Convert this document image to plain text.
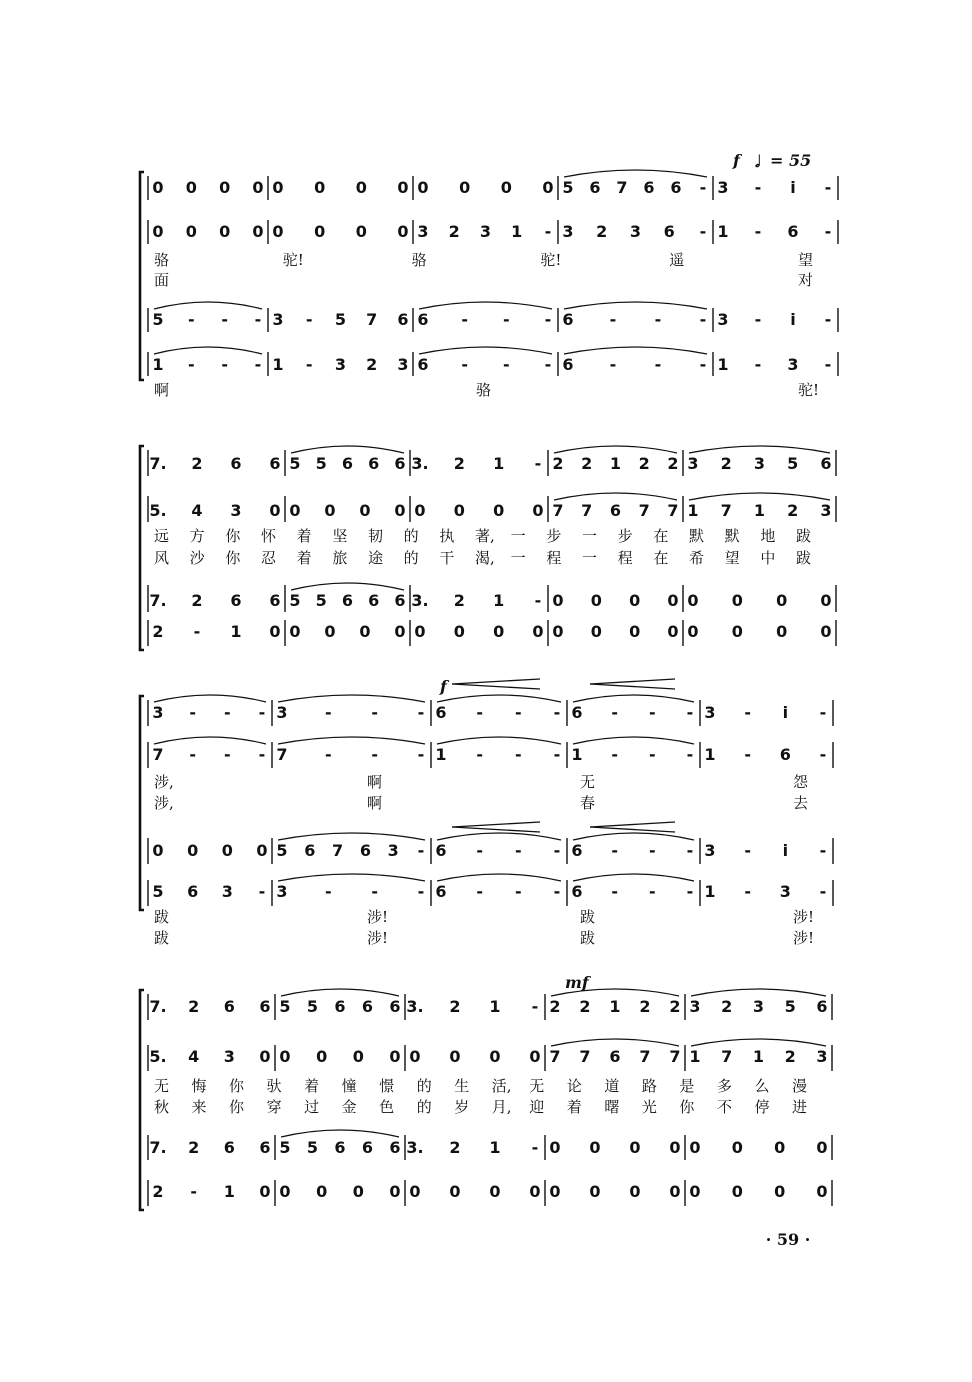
0 0 0 0 0 0 0 0 0 0 0 0 5 6 7 6 6 - 3 - i -
0 0 0 0 0 0 0 0 3 2 3 1 - 3 2 3 6 - 1 - 6 -
骆	驼!	骆	驼!	遥	望
面	对
5 - - - 3 - 5 7 6 6 - - - 6 - - - 3 - i -
1 - - - 1 - 3 2 3 6 - - - 6 - - - 1 - 3 -
啊	骆	驼!
7. 2 6 6 5 5 6 6 6 3. 2 1 - 2 2 1 2 2 3 2 3 5 6
5. 4 3 0 0 0 0 0 0 0 0 0 7 7 6 7 7 1 7 1 2 3
远 方 你 怀 着 坚 韧 的 执 著, 一 步 一 步 在 默 默 地 跋
风 沙 你 忍 着 旅 途 的 干 渴, 一 程 一 程 在 希 望 中 跋
7. 2 6 6 5 5 6 6 6 3. 2 1 - 0 0 0 0 0 0 0 0
2 - 1 0 0 0 0 0 0 0 0 0 0 0 0 0 0 0 0 0
3 - - - 3 - - - 6 - - - 6 - - - 3 - i -
7 - - - 7 - - - 1 - - - 1 - - - 1 - 6 -
涉,	啊	无	怨
涉,	啊	春	去
0 0 0 0 5 6 7 6 3 - 6 - - - 6 - - - 3 - i -
5 6 3 - 3 - - - 6 - - - 6 - - - 1 - 3 -
跋	涉!	跋	涉!
跋	涉!	跋	涉!
f
7. 2 6 6 5 5 6 6 6 3. 2 1 - 2 2 1 2 2 3 2 3 5 6
5. 4 3 0 0 0 0 0 0 0 0 0 7 7 6 7 7 1 7 1 2 3
无 悔 你 驮 着 憧 憬 的 生 活, 无 论 道 路 是 多 么 漫
秋 来 你 穿 过 金 色 的 岁 月, 迎 着 曙 光 你 不 停 进
7. 2 6 6 5 5 6 6 6 3. 2 1 - 0 0 0 0 0 0 0 0
2 - 1 0 0 0 0 0 0 0 0 0 0 0 0 0 0 0 0 0
mf
f 𝅗𝅥 = 55
· 59 ·
